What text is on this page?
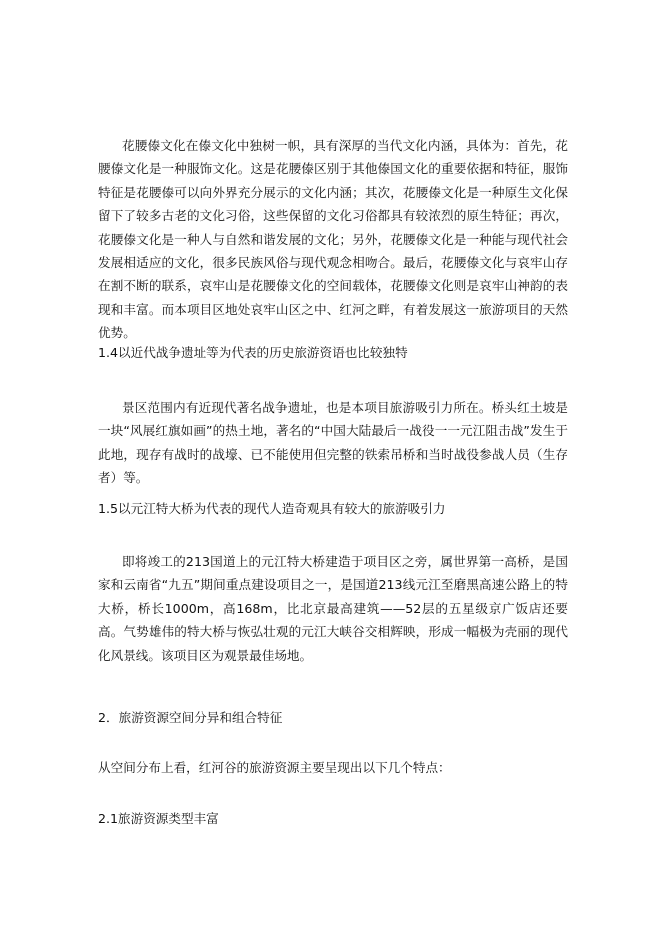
花腰傣文化在傣文化中独树一帜，具有深厚的当代文化内涵，具体为：首先，花腰傣文化是一种服饰文化。这是花腰傣区别于其他傣国文化的重要依据和特征，服饰特征是花腰傣可以向外界充分展示的文化内涵；其次，花腰傣文化是一种原生文化保留下了较多古老的文化习俗，这些保留的文化习俗都具有较浓烈的原生特征；再次，花腰傣文化是一种人与自然和谐发展的文化；另外，花腰傣文化是一种能与现代社会发展相适应的文化，很多民族风俗与现代观念相吻合。最后，花腰傣文化与哀牢山存在割不断的联系，哀牢山是花腰傣文化的空间载体，花腰傣文化则是哀牢山神韵的表现和丰富。而本项目区地处哀牢山区之中、红河之畔，有着发展这一旅游项目的天然优势。

1.4以近代战争遗址等为代表的历史旅游资语也比较独特

景区范围内有近现代著名战争遗址，也是本项目旅游吸引力所在。桥头红土坡是一块“风展红旗如画”的热土地，著名的“中国大陆最后一战役一一元江阻击战”发生于此地，现存有战时的战壕、已不能使用但完整的铁索吊桥和当时战役参战人员（生存者）等。

1.5以元江特大桥为代表的现代人造奇观具有较大的旅游吸引力

即将竣工的213国道上的元江特大桥建造于项目区之旁，属世界第一高桥，是国家和云南省“九五”期间重点建设项目之一，是国道213线元江至磨黑高速公路上的特大桥，桥长1000m，高168m，比北京最高建筑——52层的五星级京广饭店还要高。气势雄伟的特大桥与恢弘壮观的元江大峡谷交相辉映，形成一幅极为壳丽的现代化风景线。该项目区为观景最佳场地。

2．旅游资源空间分异和组合特征

从空间分布上看，红河谷的旅游资源主要呈现出以下几个特点：

2.1旅游资源类型丰富
